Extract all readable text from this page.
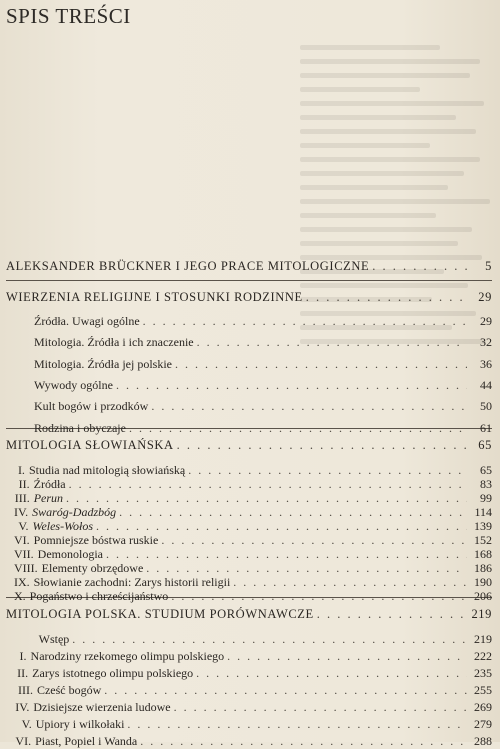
SPIS TREŚCI
ALEKSANDER BRÜCKNER I JEGO PRACE MITOLOGICZNE . . .	5
WIERZENIA RELIGIJNE I STOSUNKI RODZINNE . . .	29
Źródła. Uwagi ogólne . . .	29
Mitologia. Źródła i ich znaczenie . . .	32
Mitologia. Źródła jej polskie . . .	36
Wywody ogólne . . .	44
Kult bogów i przodków . . .	50
Rodzina i obyczaje . . .	61
MITOLOGIA SŁOWIAŃSKA . . .	65
I. Studia nad mitologią słowiańską . . .	65
II. Źródła . . .	83
III. Perun . . .	99
IV. Swaróg-Dadzbóg . . .	114
V. Weles-Wołos . . .	139
VI. Pomniejsze bóstwa ruskie . . .	152
VII. Demonologia . . .	168
VIII. Elementy obrzędowe . . .	186
IX. Słowianie zachodni: Zarys historii religii . . .	190
X. Pogaństwo i chrześcijaństwo . . .	206
MITOLOGIA POLSKA. STUDIUM PORÓWNAWCZE . . .	219
Wstęp . . .	219
I. Narodziny rzekomego olimpu polskiego . . .	222
II. Zarys istotnego olimpu polskiego . . .	235
III. Cześć bogów . . .	255
IV. Dzisiejsze wierzenia ludowe . . .	269
V. Upiory i wilkołaki . . .	279
VI. Piast, Popiel i Wanda . . .	288
